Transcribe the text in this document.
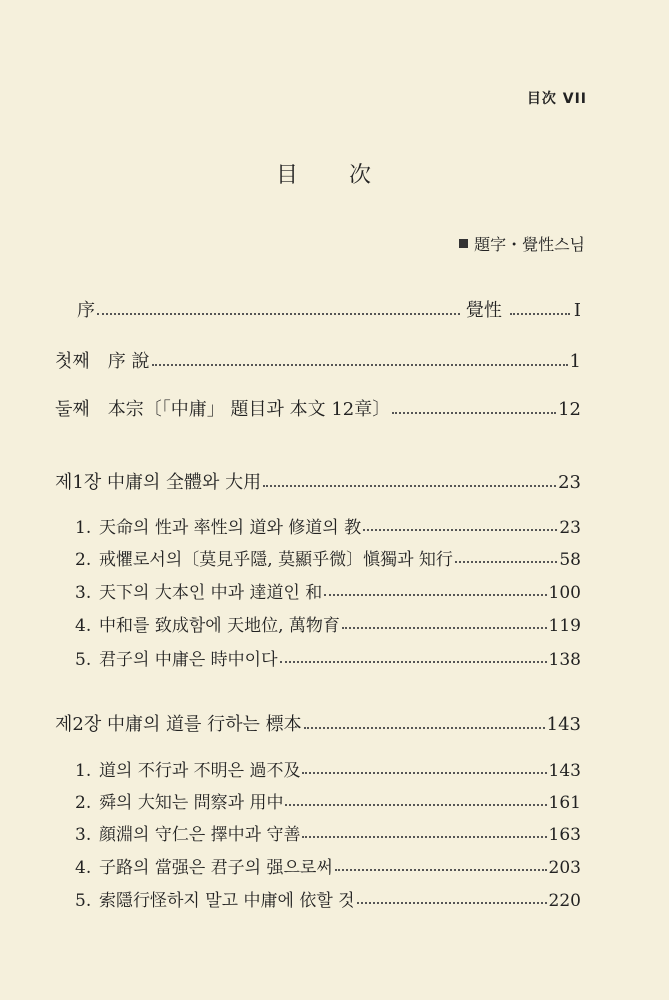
目次 VII
目 次
題字・覺性스님
序	覺性	Ⅰ
첫째　序 說	1
둘째　本宗〔「中庸」 題目과 本文 12章〕	12
제1장 中庸의 全體와 大用	23
1. 天命의 性과 率性의 道와 修道의 教	23
2. 戒懼로서의〔莫見乎隱, 莫顯乎微〕愼獨과 知行	58
3. 天下의 大本인 中과 達道인 和	100
4. 中和를 致成함에 天地位, 萬物育	119
5. 君子의 中庸은 時中이다	138
제2장 中庸의 道를 行하는 標本	143
1. 道의 不行과 不明은 過不及	143
2. 舜의 大知는 問察과 用中	161
3. 顔淵의 守仁은 擇中과 守善	163
4. 子路의 當强은 君子의 强으로써	203
5. 索隱行怪하지 말고 中庸에 依할 것	220
